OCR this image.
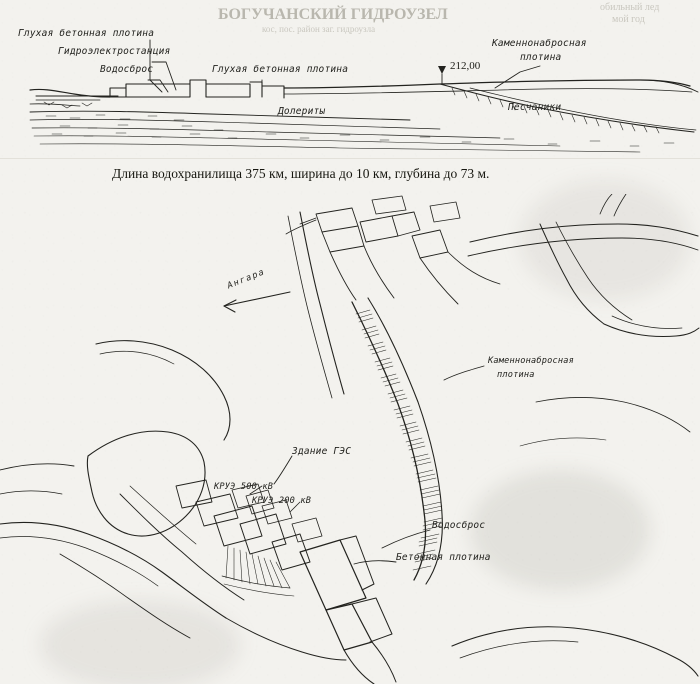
БОГУЧАНСКИЙ ГИДРОУЗЕЛ	обильный лед
мой год
кос, пос. район заг. гидроузла
Глухая бетонная плотина
Гидроэлектростанция
Водосброс	Глухая бетонная плотина
Каменнонабросная
плотина
Долериты	Песчаники
212,00
Длина водохранилища 375 км, ширина до 10 км, глубина до 73 м.
Ангара
Каменнонабросная
плотина
Здание ГЭС
КРУЭ 500 кВ
КРУЭ 200 кВ
Водосброс
Бетонная плотина
